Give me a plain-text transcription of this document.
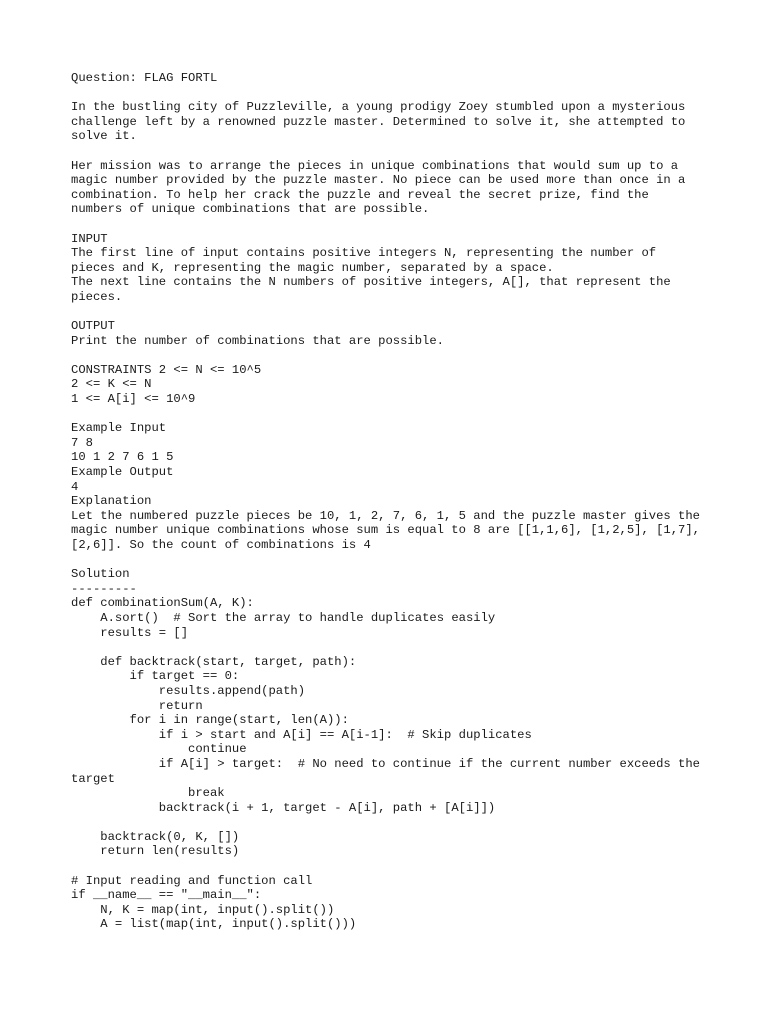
Question: FLAG FORTL
In the bustling city of Puzzleville, a young prodigy Zoey stumbled upon a mysterious challenge left by a renowned puzzle master. Determined to solve it, she attempted to solve it.
Her mission was to arrange the pieces in unique combinations that would sum up to a magic number provided by the puzzle master. No piece can be used more than once in a combination. To help her crack the puzzle and reveal the secret prize, find the numbers of unique combinations that are possible.
INPUT
The first line of input contains positive integers N, representing the number of pieces and K, representing the magic number, separated by a space.
The next line contains the N numbers of positive integers, A[], that represent the pieces.
OUTPUT
Print the number of combinations that are possible.
CONSTRAINTS 2 <= N <= 10^5
2 <= K <= N
1 <= A[i] <= 10^9
Example Input
7 8
10 1 2 7 6 1 5
Example Output
4
Explanation
Let the numbered puzzle pieces be 10, 1, 2, 7, 6, 1, 5 and the puzzle master gives the magic number unique combinations whose sum is equal to 8 are [[1,1,6], [1,2,5], [1,7], [2,6]]. So the count of combinations is 4
Solution
---------
def combinationSum(A, K):
A.sort()  # Sort the array to handle duplicates easily
results = []
def backtrack(start, target, path):
if target == 0:
results.append(path)
return
for i in range(start, len(A)):
if i > start and A[i] == A[i-1]:  # Skip duplicates
continue
if A[i] > target:  # No need to continue if the current number exceeds the target
break
backtrack(i + 1, target - A[i], path + [A[i]])
backtrack(0, K, [])
return len(results)
# Input reading and function call
if __name__ == "__main__":
N, K = map(int, input().split())
A = list(map(int, input().split()))
